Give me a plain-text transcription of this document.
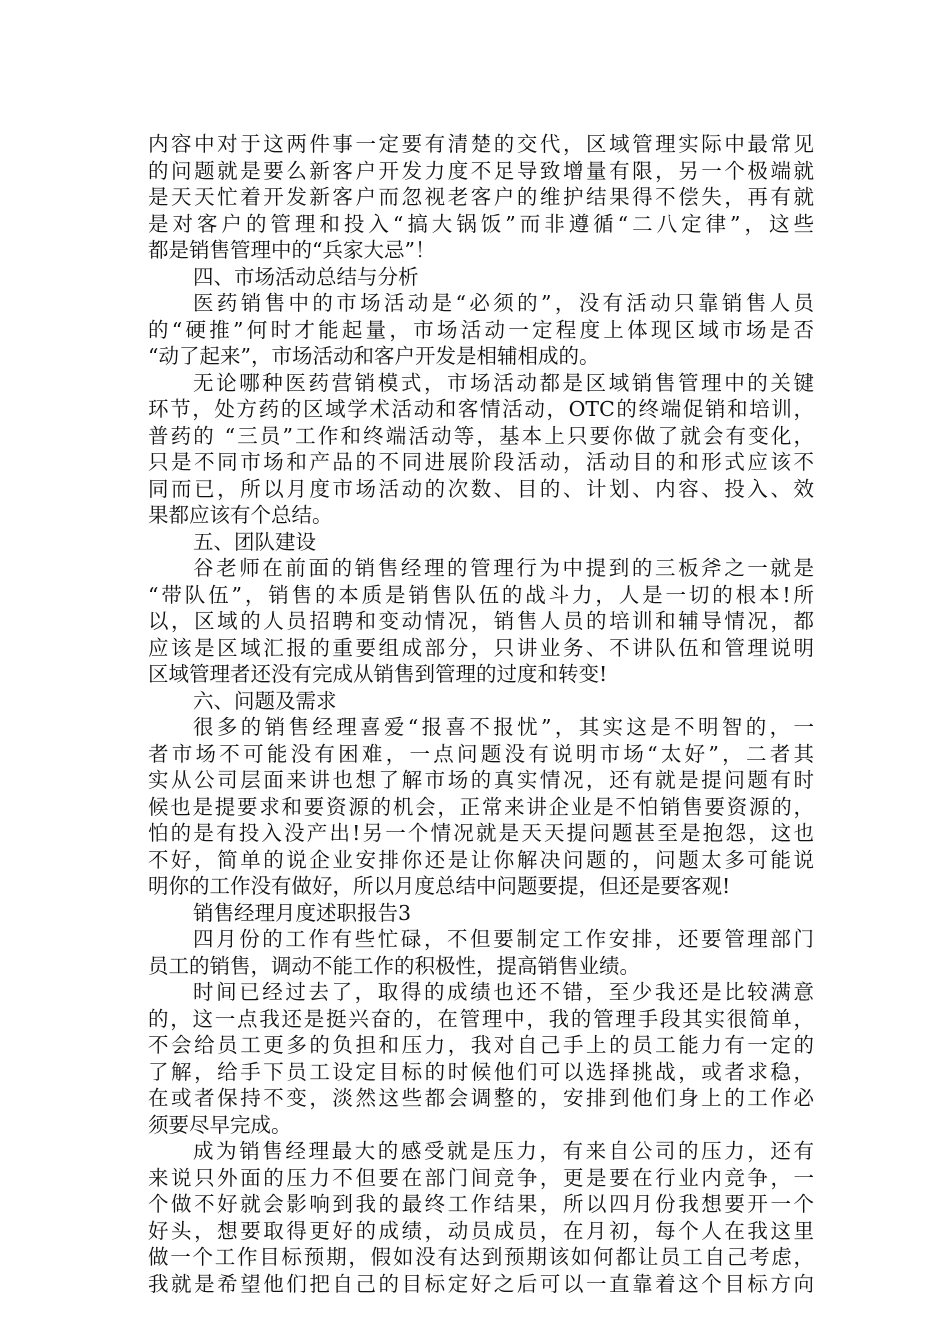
内容中对于这两件事一定要有清楚的交代，区域管理实际中最常见
的问题就是要么新客户开发力度不足导致增量有限，另一个极端就
是天天忙着开发新客户而忽视老客户的维护结果得不偿失，再有就
是对客户的管理和投入“搞大锅饭”而非遵循“二八定律”，这些
都是销售管理中的“兵家大忌”！
四、市场活动总结与分析
医药销售中的市场活动是“必须的”，没有活动只靠销售人员
的“硬推”何时才能起量，市场活动一定程度上体现区域市场是否
“动了起来”，市场活动和客户开发是相辅相成的。
无论哪种医药营销模式，市场活动都是区域销售管理中的关键
环节，处方药的区域学术活动和客情活动，OTC的终端促销和培训，
普药的 “三员”工作和终端活动等，基本上只要你做了就会有变化，
只是不同市场和产品的不同进展阶段活动，活动目的和形式应该不
同而已，所以月度市场活动的次数、目的、计划、内容、投入、效
果都应该有个总结。
五、团队建设
谷老师在前面的销售经理的管理行为中提到的三板斧之一就是
“带队伍”，销售的本质是销售队伍的战斗力，人是一切的根本!所
以，区域的人员招聘和变动情况，销售人员的培训和辅导情况，都
应该是区域汇报的重要组成部分，只讲业务、不讲队伍和管理说明
区域管理者还没有完成从销售到管理的过度和转变!
六、问题及需求
很多的销售经理喜爱“报喜不报忧”，其实这是不明智的，一
者市场不可能没有困难，一点问题没有说明市场“太好”，二者其
实从公司层面来讲也想了解市场的真实情况，还有就是提问题有时
候也是提要求和要资源的机会，正常来讲企业是不怕销售要资源的，
怕的是有投入没产出!另一个情况就是天天提问题甚至是抱怨，这也
不好，简单的说企业安排你还是让你解决问题的，问题太多可能说
明你的工作没有做好，所以月度总结中问题要提，但还是要客观!
销售经理月度述职报告3
四月份的工作有些忙碌，不但要制定工作安排，还要管理部门
员工的销售，调动不能工作的积极性，提高销售业绩。
时间已经过去了，取得的成绩也还不错，至少我还是比较满意
的，这一点我还是挺兴奋的，在管理中，我的管理手段其实很简单，
不会给员工更多的负担和压力，我对自己手上的员工能力有一定的
了解，给手下员工设定目标的时候他们可以选择挑战，或者求稳，
在或者保持不变，淡然这些都会调整的，安排到他们身上的工作必
须要尽早完成。
成为销售经理最大的感受就是压力，有来自公司的压力，还有
来说只外面的压力不但要在部门间竞争，更是要在行业内竞争，一
个做不好就会影响到我的最终工作结果，所以四月份我想要开一个
好头，想要取得更好的成绩，动员成员，在月初，每个人在我这里
做一个工作目标预期，假如没有达到预期该如何都让员工自己考虑，
我就是希望他们把自己的目标定好之后可以一直靠着这个目标方向
